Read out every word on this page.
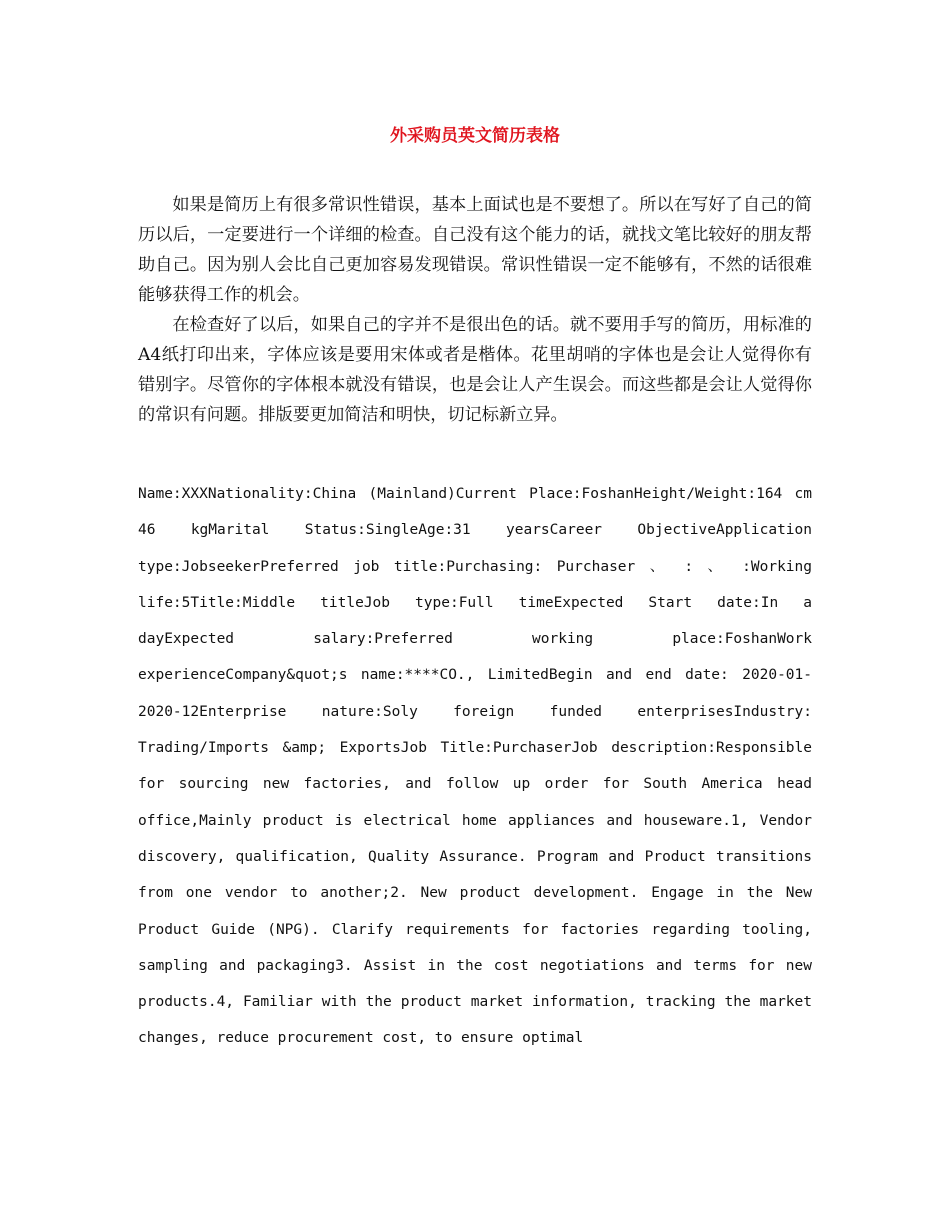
外采购员英文简历表格

如果是简历上有很多常识性错误，基本上面试也是不要想了。所以在写好了自己的简历以后，一定要进行一个详细的检查。自己没有这个能力的话，就找文笔比较好的朋友帮助自己。因为别人会比自己更加容易发现错误。常识性错误一定不能够有，不然的话很难能够获得工作的机会。

在检查好了以后，如果自己的字并不是很出色的话。就不要用手写的简历，用标准的A4纸打印出来，字体应该是要用宋体或者是楷体。花里胡哨的字体也是会让人觉得你有错别字。尽管你的字体根本就没有错误，也是会让人产生误会。而这些都是会让人觉得你的常识有问题。排版要更加简洁和明快，切记标新立异。

Name:XXXNationality:China (Mainland)Current Place:FoshanHeight/Weight:164 cm 46 kgMarital Status:SingleAge:31 yearsCareer ObjectiveApplication type:JobseekerPreferred job title:Purchasing: Purchaser 、 : 、 :Working life:5Title:Middle titleJob type:Full timeExpected Start date:In a dayExpected salary:Preferred working place:FoshanWork experienceCompany&quot;s name:****CO., LimitedBegin and end date: 2020-01-2020-12Enterprise nature:Soly foreign funded enterprisesIndustry: Trading/Imports &amp; ExportsJob Title:PurchaserJob description:Responsible for sourcing new factories, and follow up order for South America head office,Mainly product is electrical home appliances and houseware.1, Vendor discovery, qualification, Quality Assurance. Program and Product transitions from one vendor to another;2. New product development. Engage in the New Product Guide (NPG). Clarify requirements for factories regarding tooling, sampling and packaging3. Assist in the cost negotiations and terms for new products.4, Familiar with the product market information, tracking the market changes, reduce procurement cost, to ensure optimal
